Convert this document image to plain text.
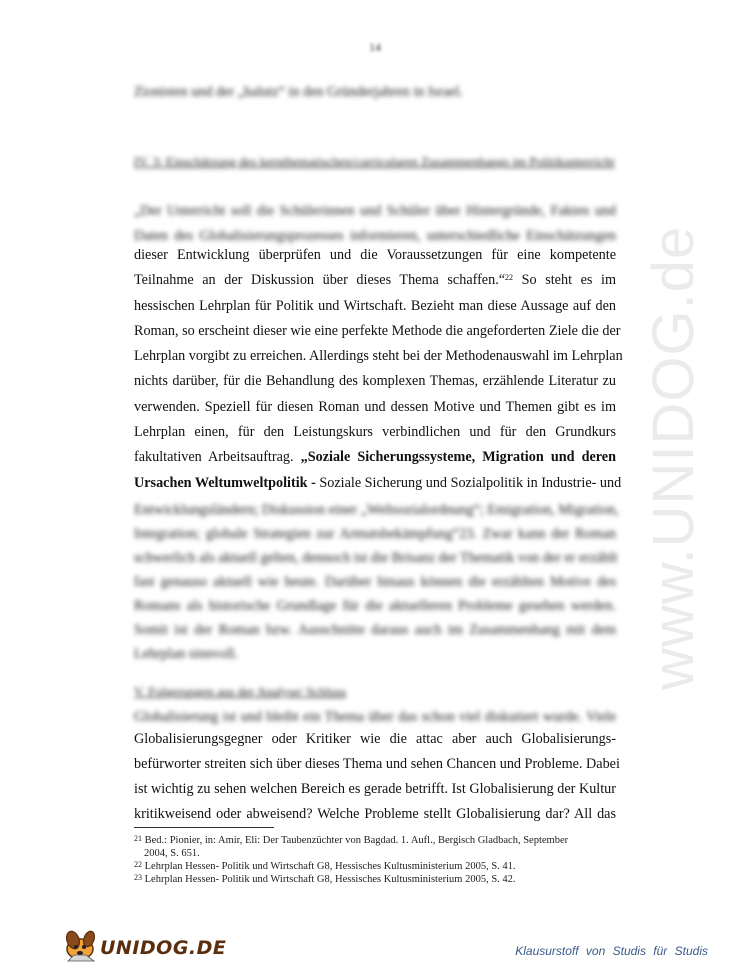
www.UNIDOG.de
14
Zionisten und der „halutz“ in den Gründerjahren in Israel.
IV. 3: Einschätzung des kernthematischen/curricularen Zusammenhangs im Politikunterricht
„Der Unterricht soll die Schülerinnen und Schüler über Hintergründe, Fakten und
Daten des Globalisierungsprozesses informieren, unterschiedliche Einschätzungen
dieser Entwicklung überprüfen und die Voraussetzungen für eine kompetente
Teilnahme an der Diskussion über dieses Thema schaffen.“$^{22}$ So steht es im
hessischen Lehrplan für Politik und Wirtschaft. Bezieht man diese Aussage auf den
Roman, so erscheint dieser wie eine perfekte Methode die angeforderten Ziele die der
Lehrplan vorgibt zu erreichen. Allerdings steht bei der Methodenauswahl im Lehrplan
nichts darüber, für die Behandlung des komplexen Themas, erzählende Literatur zu
verwenden. Speziell für diesen Roman und dessen Motive und Themen gibt es im
Lehrplan einen, für den Leistungskurs verbindlichen und für den Grundkurs
fakultativen Arbeitsauftrag. „Soziale Sicherungssysteme, Migration und deren
Ursachen Weltumweltpolitik - Soziale Sicherung und Sozialpolitik in Industrie- und
Entwicklungsländern; Diskussion einer „Weltsozialordnung“; Emigration, Migration,
Integration; globale Strategien zur Armutsbekämpfung“23. Zwar kann der Roman
schwerlich als aktuell gelten, dennoch ist die Brisanz der Thematik von der er erzählt
fast genauso aktuell wie heute. Darüber hinaus können die erzählten Motive des
Romans als historische Grundlage für die aktuelleren Probleme gesehen werden.
Somit ist der Roman bzw. Ausschnitte daraus auch im Zusammenhang mit dem
Lehrplan sinnvoll.
V. Folgerungen aus der Analyse/ Schluss
Globalisierung ist und bleibt ein Thema über das schon viel diskutiert wurde. Viele
Globalisierungsgegner oder Kritiker wie die attac aber auch Globalisierungs-
befürworter streiten sich über dieses Thema und sehen Chancen und Probleme. Dabei
ist wichtig zu sehen welchen Bereich es gerade betrifft. Ist Globalisierung der Kultur
kritikweisend oder abweisend? Welche Probleme stellt Globalisierung dar? All das
$^{21}$ Bed.: Pionier, in: Amir, Eli: Der Taubenzüchter von Bagdad. 1. Aufl., Bergisch Gladbach, September
2004, S. 651.
$^{22}$ Lehrplan Hessen- Politik und Wirtschaft G8, Hessisches Kultusministerium 2005, S. 41.
$^{23}$ Lehrplan Hessen- Politik und Wirtschaft G8, Hessisches Kultusministerium 2005, S. 42.
UNIDOG.DE	Klausurstoff von Studis für Studis
